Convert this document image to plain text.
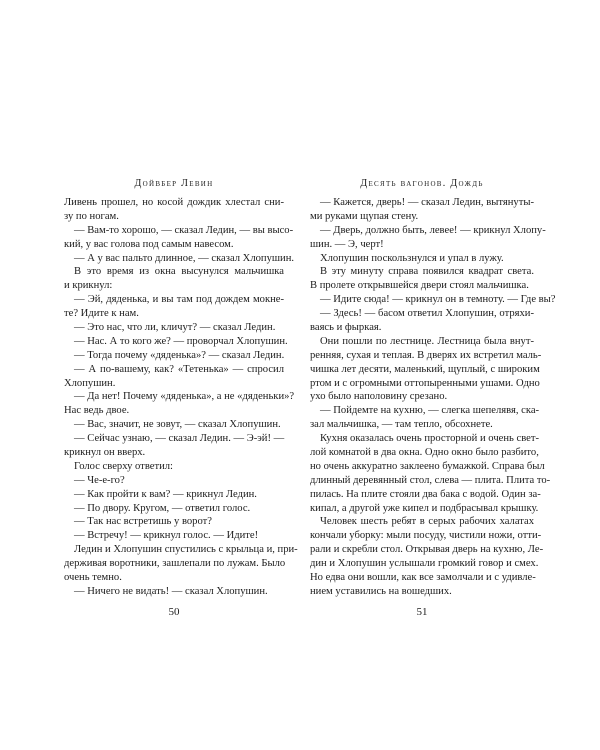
Дойвбер Левин
Ливень прошел, но косой дождик хлестал сни-
зу по ногам.
— Вам-то хорошо, — сказал Ледин, — вы высо-
кий, у вас голова под самым навесом.
— А у вас пальто длинное, — сказал Хлопушин.
В это время из окна высунулся мальчишка
и крикнул:
— Эй, дяденька, и вы там под дождем мокне-
те? Идите к нам.
— Это нас, что ли, кличут? — сказал Ледин.
— Нас. А то кого же? — проворчал Хлопушин.
— Тогда почему «дяденька»? — сказал Ледин.
— А по-вашему, как? «Тетенька» — спросил
Хлопушин.
— Да нет! Почему «дяденька», а не «дяденьки»?
Нас ведь двое.
— Вас, значит, не зовут, — сказал Хлопушин.
— Сейчас узнаю, — сказал Ледин. — Э-эй! —
крикнул он вверх.
Голос сверху ответил:
— Че-е-го?
— Как пройти к вам? — крикнул Ледин.
— По двору. Кругом, — ответил голос.
— Так нас встретишь у ворот?
— Встречу! — крикнул голос. — Идите!
Ледин и Хлопушин спустились с крыльца и, при-
держивая воротники, зашлепали по лужам. Было
очень темно.
— Ничего не видать! — сказал Хлопушин.
50
Десять вагонов. Дождь
— Кажется, дверь! — сказал Ледин, вытянуты-
ми руками щупая стену.
— Дверь, должно быть, левее! — крикнул Хлопу-
шин. — Э, черт!
Хлопушин поскользнулся и упал в лужу.
В эту минуту справа появился квадрат света.
В пролете открывшейся двери стоял мальчишка.
— Идите сюда! — крикнул он в темноту. — Где вы?
— Здесь! — басом ответил Хлопушин, отряхи-
ваясь и фыркая.
Они пошли по лестнице. Лестница была внут-
ренняя, сухая и теплая. В дверях их встретил маль-
чишка лет десяти, маленький, щуплый, с широким
ртом и с огромными оттопыренными ушами. Одно
ухо было наполовину срезано.
— Пойдемте на кухню, — слегка шепелявя, ска-
зал мальчишка, — там тепло, обсохнете.
Кухня оказалась очень просторной и очень свет-
лой комнатой в два окна. Одно окно было разбито,
но очень аккуратно заклеено бумажкой. Справа был
длинный деревянный стол, слева — плита. Плита то-
пилась. На плите стояли два бака с водой. Один за-
кипал, а другой уже кипел и подбрасывал крышку.
Человек шесть ребят в серых рабочих халатах
кончали уборку: мыли посуду, чистили ножи, отти-
рали и скребли стол. Открывая дверь на кухню, Ле-
дин и Хлопушин услышали громкий говор и смех.
Но едва они вошли, как все замолчали и с удивле-
нием уставились на вошедших.
51
